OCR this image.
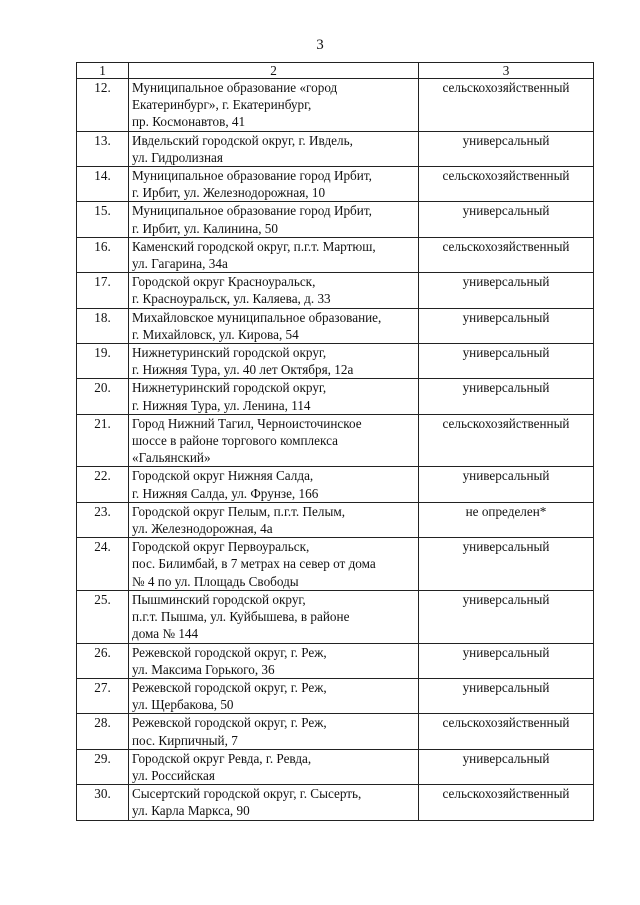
3
1	2	3
12.	Муниципальное образование «город
Екатеринбург», г. Екатеринбург,
пр. Космонавтов, 41	сельскохозяйственный
13.	Ивдельский городской округ, г. Ивдель,
ул. Гидролизная	универсальный
14.	Муниципальное образование город Ирбит,
г. Ирбит, ул. Железнодорожная, 10	сельскохозяйственный
15.	Муниципальное образование город Ирбит,
г. Ирбит, ул. Калинина, 50	универсальный
16.	Каменский городской округ, п.г.т. Мартюш,
ул. Гагарина, 34а	сельскохозяйственный
17.	Городской округ Красноуральск,
г. Красноуральск, ул. Каляева, д. 33	универсальный
18.	Михайловское муниципальное образование,
г. Михайловск, ул. Кирова, 54	универсальный
19.	Нижнетуринский городской округ,
г. Нижняя Тура, ул. 40 лет Октября, 12а	универсальный
20.	Нижнетуринский городской округ,
г. Нижняя Тура, ул. Ленина, 114	универсальный
21.	Город Нижний Тагил, Черноисточинское
шоссе в районе торгового комплекса
«Гальянский»	сельскохозяйственный
22.	Городской округ Нижняя Салда,
г. Нижняя Салда, ул. Фрунзе, 166	универсальный
23.	Городской округ Пелым, п.г.т. Пелым,
ул. Железнодорожная, 4а	не определен*
24.	Городской округ Первоуральск,
пос. Билимбай, в 7 метрах на север от дома
№ 4 по ул. Площадь Свободы	универсальный
25.	Пышминский городской округ,
п.г.т. Пышма, ул. Куйбышева, в районе
дома № 144	универсальный
26.	Режевской городской округ, г. Реж,
ул. Максима Горького, 36	универсальный
27.	Режевской городской округ, г. Реж,
ул. Щербакова, 50	универсальный
28.	Режевской городской округ, г. Реж,
пос. Кирпичный, 7	сельскохозяйственный
29.	Городской округ Ревда, г. Ревда,
ул. Российская	универсальный
30.	Сысертский городской округ, г. Сысерть,
ул. Карла Маркса, 90	сельскохозяйственный
